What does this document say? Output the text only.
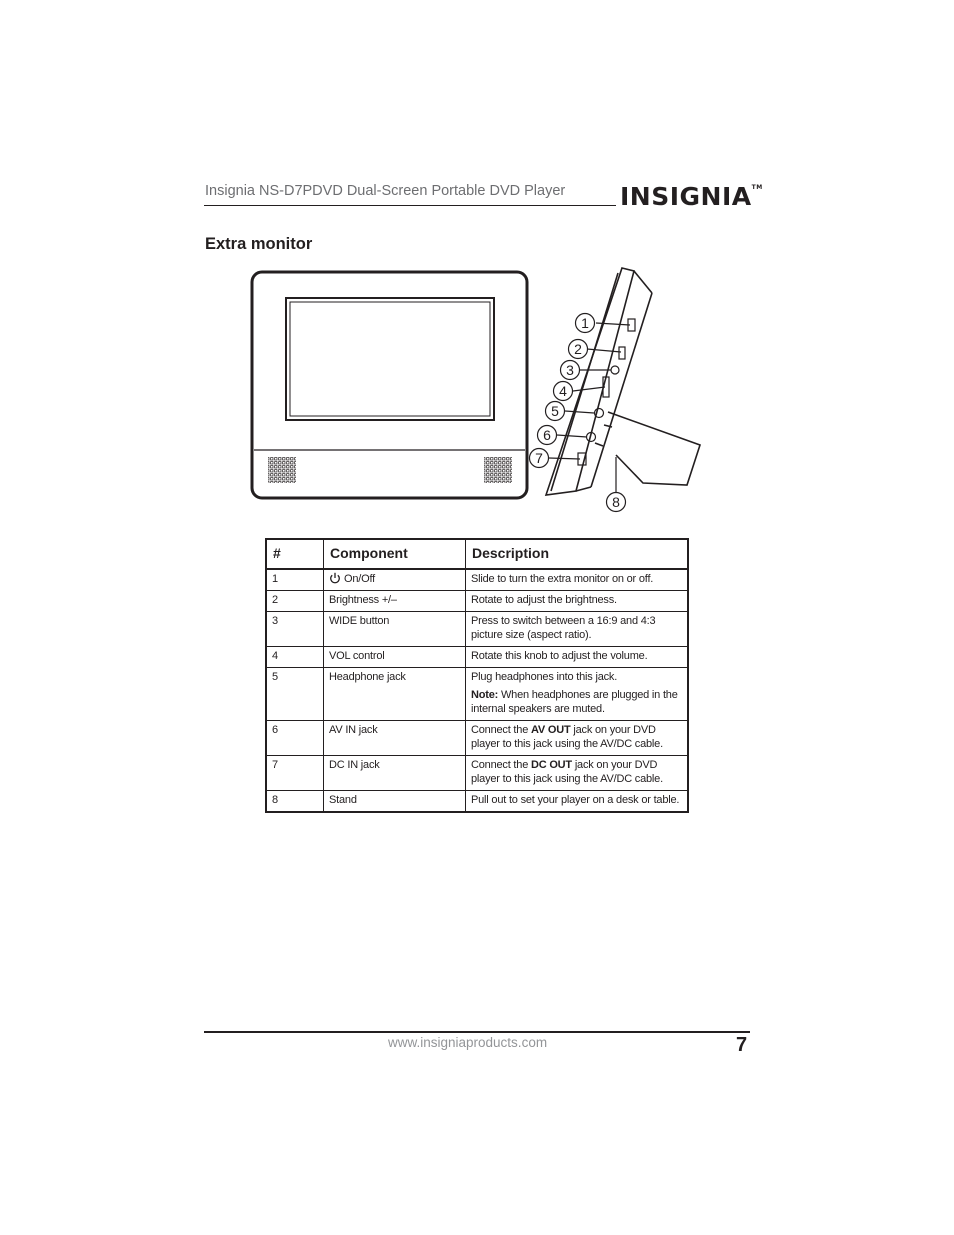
Insignia NS-D7PDVD Dual-Screen Portable DVD Player INSIGNIA™
Extra monitor
1
2
3
4
5
6
7
8
#	Component	Description
1	On/Off	Slide to turn the extra monitor on or off.
2	Brightness +/–	Rotate to adjust the brightness.
3	WIDE button	Press to switch between a 16:9 and 4:3 picture size (aspect ratio).
4	VOL control	Rotate this knob to adjust the volume.
5	Headphone jack	Plug headphones into this jack.

Note: When headphones are plugged in the internal speakers are muted.

6	AV IN jack	Connect the AV OUT jack on your DVD player to this jack using the AV/DC cable.
7	DC IN jack	Connect the DC OUT jack on your DVD player to this jack using the AV/DC cable.
8	Stand	Pull out to set your player on a desk or table.
www.insigniaproducts.com	7
